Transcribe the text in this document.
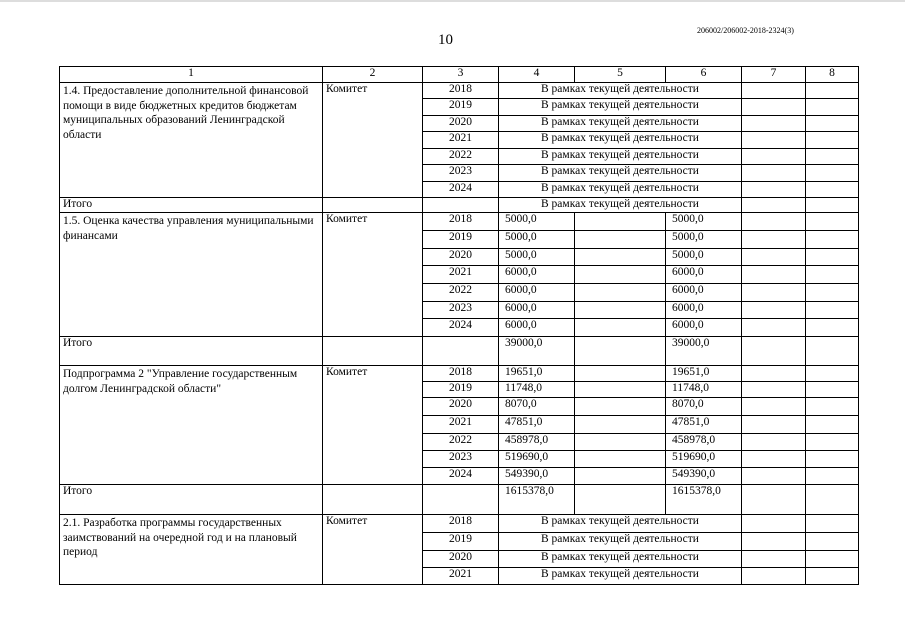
10
206002/206002-2018-2324(3)
1	2	3	4	5	6	7	8
1.4. Предоставление дополнительной финансовой помощи в виде бюджетных кредитов бюджетам муниципальных образований Ленинградской области	Комитет	2018	В рамках текущей деятельности				
		2019	В рамках текущей деятельности				
		2020	В рамках текущей деятельности				
		2021	В рамках текущей деятельности				
		2022	В рамках текущей деятельности				
		2023	В рамках текущей деятельности				
		2024	В рамках текущей деятельности				
Итого			В рамках текущей деятельности				
1.5. Оценка качества управления муниципальными финансами	Комитет	2018	5000,0		5000,0		
		2019	5000,0		5000,0		
		2020	5000,0		5000,0		
		2021	6000,0		6000,0		
		2022	6000,0		6000,0		
		2023	6000,0		6000,0		
		2024	6000,0		6000,0		
Итого			39000,0		39000,0		
Подпрограмма 2 "Управление государственным долгом Ленинградской области"	Комитет	2018	19651,0		19651,0		
		2019	11748,0		11748,0		
		2020	8070,0		8070,0		
		2021	47851,0		47851,0		
		2022	458978,0		458978,0		
		2023	519690,0		519690,0		
		2024	549390,0		549390,0		
Итого			1615378,0		1615378,0		
2.1. Разработка программы государственных заимствований на очередной год и на плановый период	Комитет	2018	В рамках текущей деятельности				
		2019	В рамках текущей деятельности				
		2020	В рамках текущей деятельности				
		2021	В рамках текущей деятельности				
